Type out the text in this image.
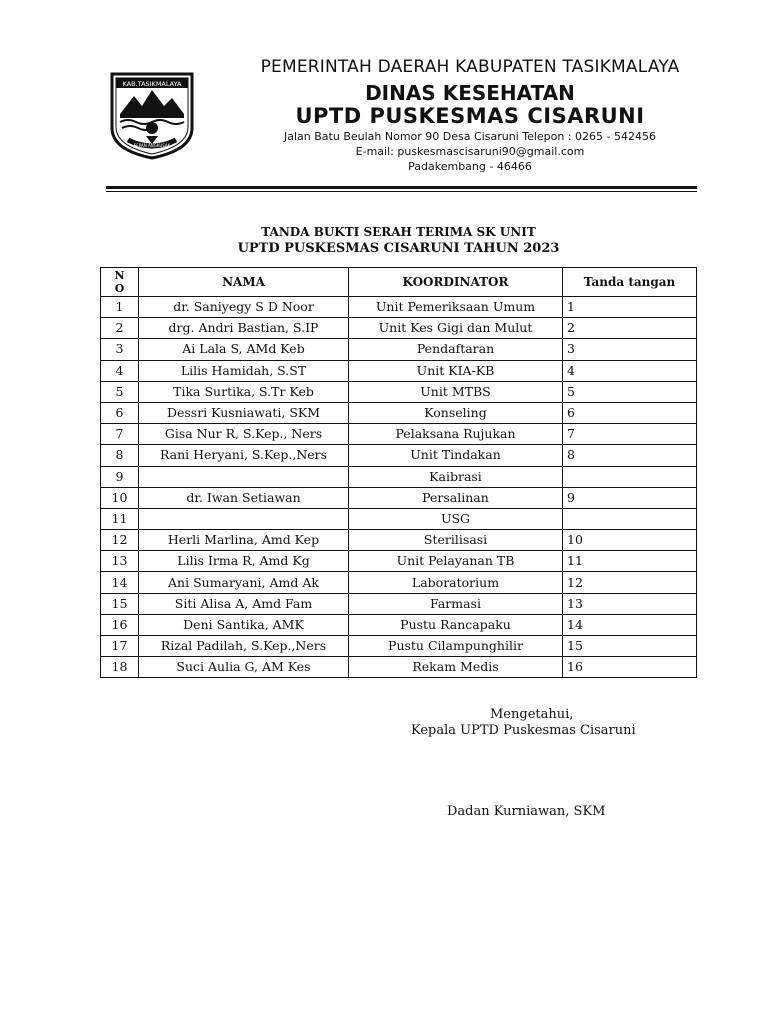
KAB.TASIKMALAYA
SEPAN ANGKUSAK
PEMERINTAH DAERAH KABUPATEN TASIKMALAYA
DINAS KESEHATAN
UPTD PUSKESMAS CISARUNI
Jalan Batu Beulah Nomor 90 Desa Cisaruni Telepon : 0265 - 542456
E-mail: puskesmascisaruni90@gmail.com
Padakembang - 46466
TANDA BUKTI SERAH TERIMA SK UNIT
UPTD PUSKESMAS CISARUNI TAHUN 2023
N
O	NAMA	KOORDINATOR	Tanda tangan
1	dr. Saniyegy S D Noor	Unit Pemeriksaan Umum	1
2	drg. Andri Bastian, S.IP	Unit Kes Gigi dan Mulut	2
3	Ai Lala S, AMd Keb	Pendaftaran	3
4	Lilis Hamidah, S.ST	Unit KIA-KB	4
5	Tika Surtika, S.Tr Keb	Unit MTBS	5
6	Dessri Kusniawati, SKM	Konseling	6
7	Gisa Nur R, S.Kep., Ners	Pelaksana Rujukan	7
8	Rani Heryani, S.Kep.,Ners	Unit Tindakan	8
9		Kaibrasi	
10	dr. Iwan Setiawan	Persalinan	9
11		USG	
12	Herli Marlina, Amd Kep	Sterilisasi	10
13	Lilis Irma R, Amd Kg	Unit Pelayanan TB	11
14	Ani Sumaryani, Amd Ak	Laboratorium	12
15	Siti Alisa A, Amd Fam	Farmasi	13
16	Deni Santika, AMK	Pustu Rancapaku	14
17	Rizal Padilah, S.Kep.,Ners	Pustu Cilampunghilir	15
18	Suci Aulia G, AM Kes	Rekam Medis	16
Mengetahui,
Kepala UPTD Puskesmas Cisaruni
Dadan Kurniawan, SKM
